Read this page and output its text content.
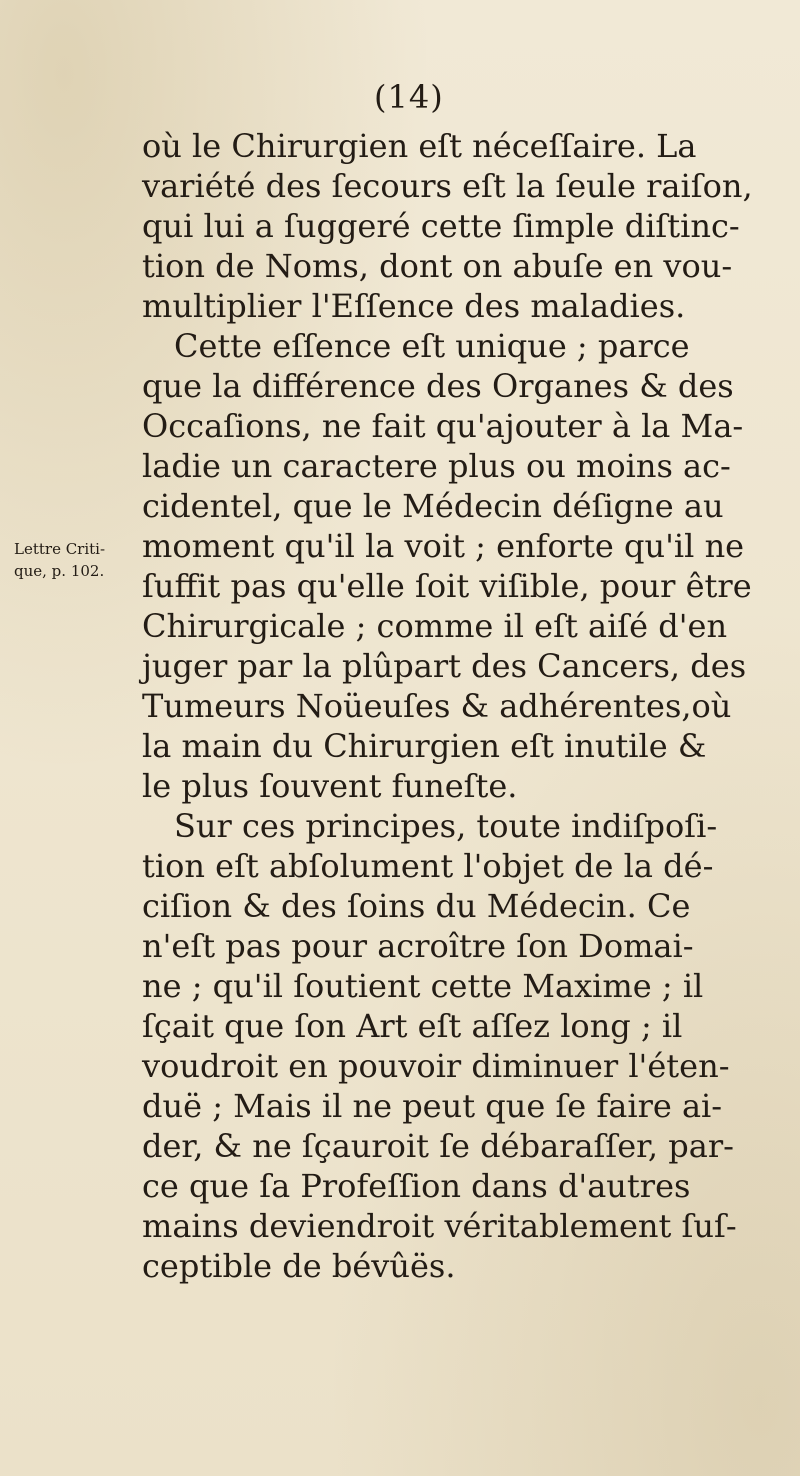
(14)
Lettre Criti-
que, p. 102.
où le Chirurgien eſt néceſſaire. La
variété des ſecours eſt la ſeule raiſon,
qui lui a ſuggeré cette ſimple diſtinc-
tion de Noms, dont on abuſe en vou-
multiplier l'Eſſence des maladies.
Cette eſſence eſt unique ; parce
que la différence des Organes & des
Occaſions, ne fait qu'ajouter à la Ma-
ladie un caractere plus ou moins ac-
cidentel, que le Médecin déſigne au
moment qu'il la voit ; enforte qu'il ne
ſuffit pas qu'elle ſoit viſible, pour être
Chirurgicale ; comme il eſt aiſé d'en
juger par la plûpart des Cancers, des
Tumeurs Noüeuſes & adhérentes,où
la main du Chirurgien eſt inutile &
le plus ſouvent funeſte.
Sur ces principes, toute indiſpoſi-
tion eſt abſolument l'objet de la dé-
ciſion & des ſoins du Médecin. Ce
n'eſt pas pour acroître ſon Domai-
ne ; qu'il ſoutient cette Maxime ; il
ſçait que ſon Art eſt aſſez long ; il
voudroit en pouvoir diminuer l'éten-
duë ; Mais il ne peut que ſe faire ai-
der, & ne ſçauroit ſe débaraſſer, par-
ce que ſa Profeſſion dans d'autres
mains deviendroit véritablement ſuſ-
ceptible de bévûës.
